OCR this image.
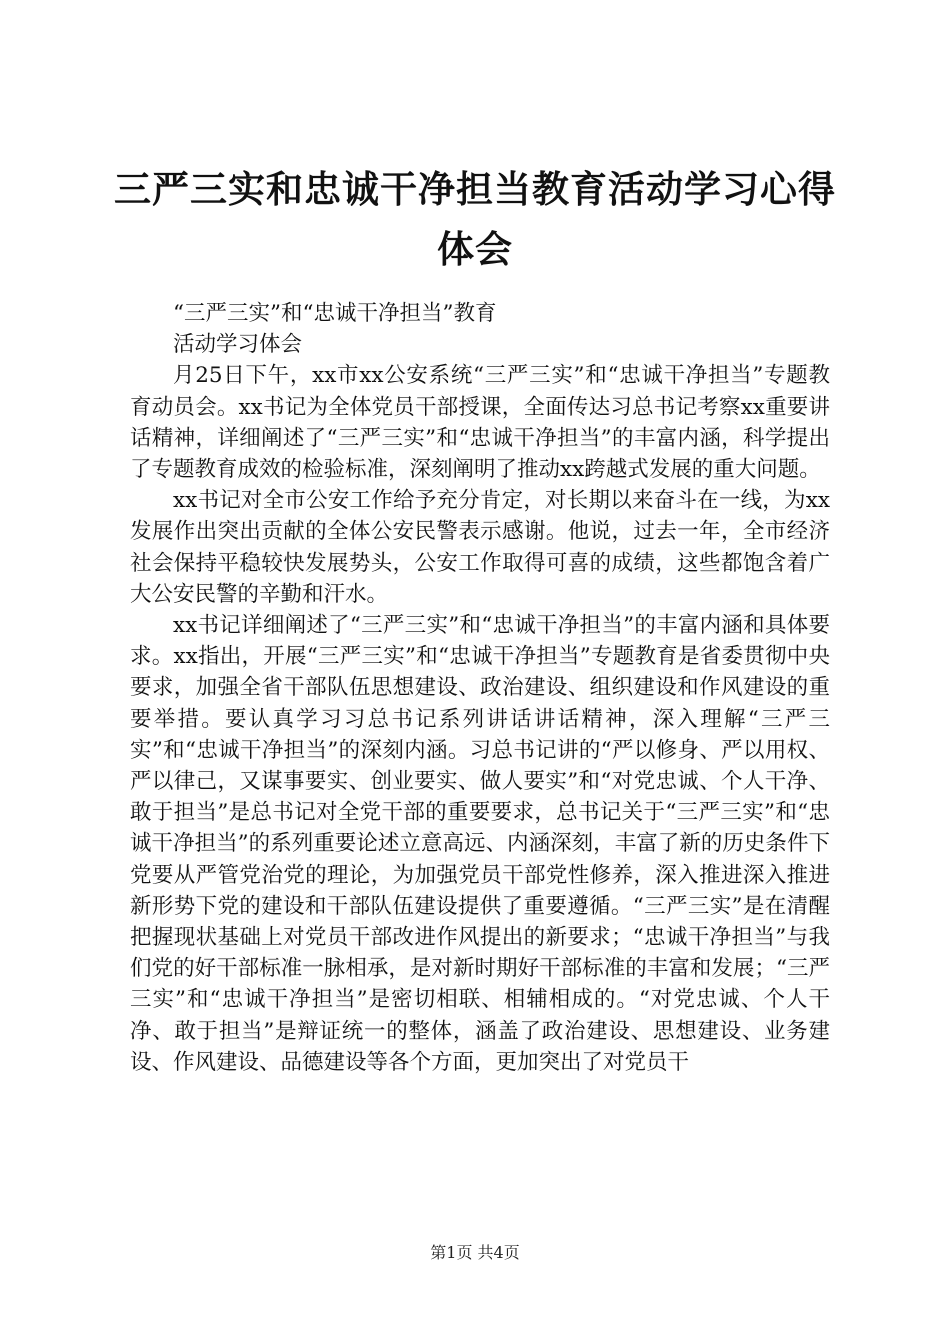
三严三实和忠诚干净担当教育活动学习心得体会

“三严三实”和“忠诚干净担当”教育

活动学习体会

月25日下午，xx市xx公安系统“三严三实”和“忠诚干净担当”专题教育动员会。xx书记为全体党员干部授课，全面传达习总书记考察xx重要讲话精神，详细阐述了“三严三实”和“忠诚干净担当”的丰富内涵，科学提出了专题教育成效的检验标准，深刻阐明了推动xx跨越式发展的重大问题。

xx书记对全市公安工作给予充分肯定，对长期以来奋斗在一线，为xx发展作出突出贡献的全体公安民警表示感谢。他说，过去一年，全市经济社会保持平稳较快发展势头，公安工作取得可喜的成绩，这些都饱含着广大公安民警的辛勤和汗水。

xx书记详细阐述了“三严三实”和“忠诚干净担当”的丰富内涵和具体要求。xx指出，开展“三严三实”和“忠诚干净担当”专题教育是省委贯彻中央要求，加强全省干部队伍思想建设、政治建设、组织建设和作风建设的重要举措。要认真学习习总书记系列讲话讲话精神，深入理解“三严三实”和“忠诚干净担当”的深刻内涵。习总书记讲的“严以修身、严以用权、严以律己，又谋事要实、创业要实、做人要实”和“对党忠诚、个人干净、敢于担当”是总书记对全党干部的重要要求，总书记关于“三严三实”和“忠诚干净担当”的系列重要论述立意高远、内涵深刻，丰富了新的历史条件下党要从严管党治党的理论，为加强党员干部党性修养，深入推进深入推进新形势下党的建设和干部队伍建设提供了重要遵循。“三严三实”是在清醒把握现状基础上对党员干部改进作风提出的新要求；“忠诚干净担当”与我们党的好干部标准一脉相承，是对新时期好干部标准的丰富和发展；“三严三实”和“忠诚干净担当”是密切相联、相辅相成的。“对党忠诚、个人干净、敢于担当”是辩证统一的整体，涵盖了政治建设、思想建设、业务建设、作风建设、品德建设等各个方面，更加突出了对党员干

第1页 共4页
